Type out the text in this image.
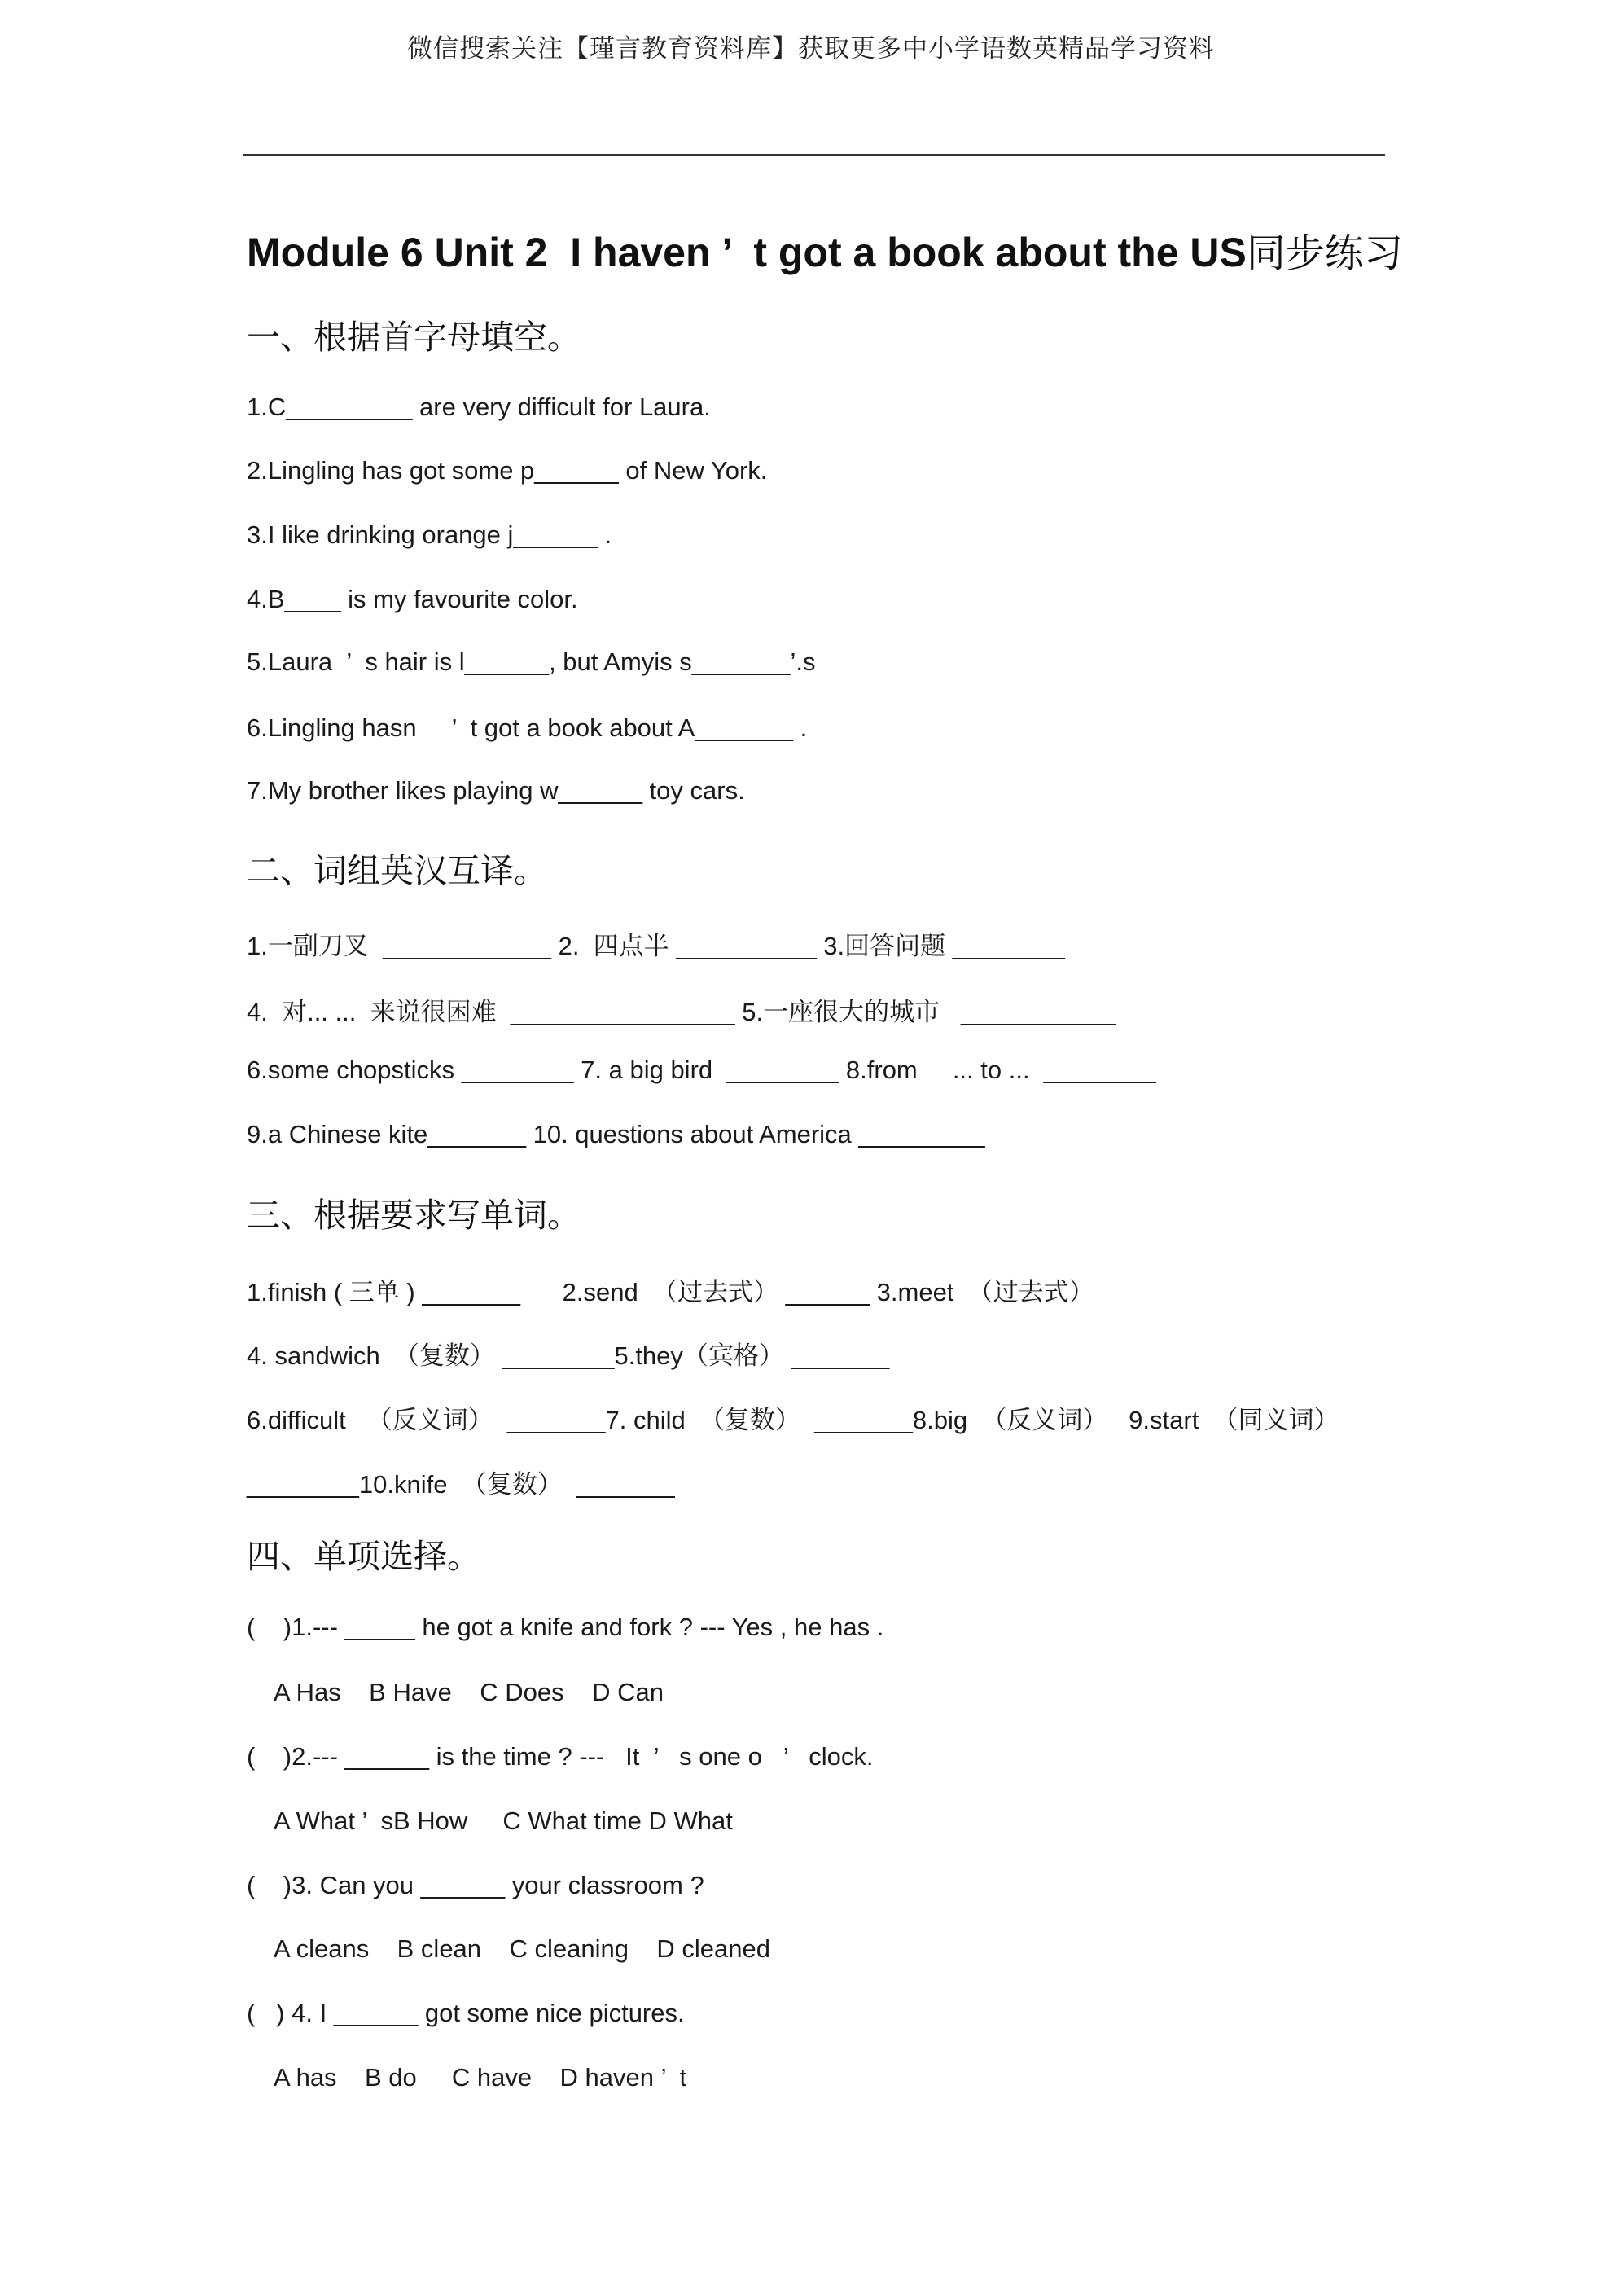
微信搜索关注【瑾言教育资料库】获取更多中小学语数英精品学习资料
Module 6 Unit 2  I haven ’  t got a book about the US同步练习
一、根据首字母填空。
1.C_________ are very difficult for Laura.
2.Lingling has got some p______ of New York.
3.I like drinking orange j______ .
4.B____ is my favourite color.
5.Laura  ’  s hair is l______, but Amyis s_______’.s
6.Lingling hasn     ’  t got a book about A_______ .
7.My brother likes playing w______ toy cars.
二、词组英汉互译。
1.一副刀叉  ____________ 2.  四点半 __________ 3.回答问题 ________
4.  对... ...  来说很困难  ________________ 5.一座很大的城市   ___________
6.some chopsticks ________ 7. a big bird  ________ 8.from     ... to ...  ________
9.a Chinese kite_______ 10. questions about America _________
三、根据要求写单词。
1.finish ( 三单 ) _______      2.send  （过去式） ______ 3.meet  （过去式）
4. sandwich  （复数） ________5.they（宾格） _______
6.difficult   （反义词）  _______7. child  （复数）  _______8.big  （反义词）   9.start  （同义词）
________10.knife  （复数）  _______
四、单项选择。
(    )1.--- _____ he got a knife and fork ? --- Yes , he has .
A Has    B Have    C Does    D Can
(    )2.--- ______ is the time ? ---   It  ’   s one o   ’   clock.
A What ’  sB How     C What time D What
(    )3. Can you ______ your classroom ?
A cleans    B clean    C cleaning    D cleaned
(   ) 4. I ______ got some nice pictures.
A has    B do     C have    D haven ’  t
